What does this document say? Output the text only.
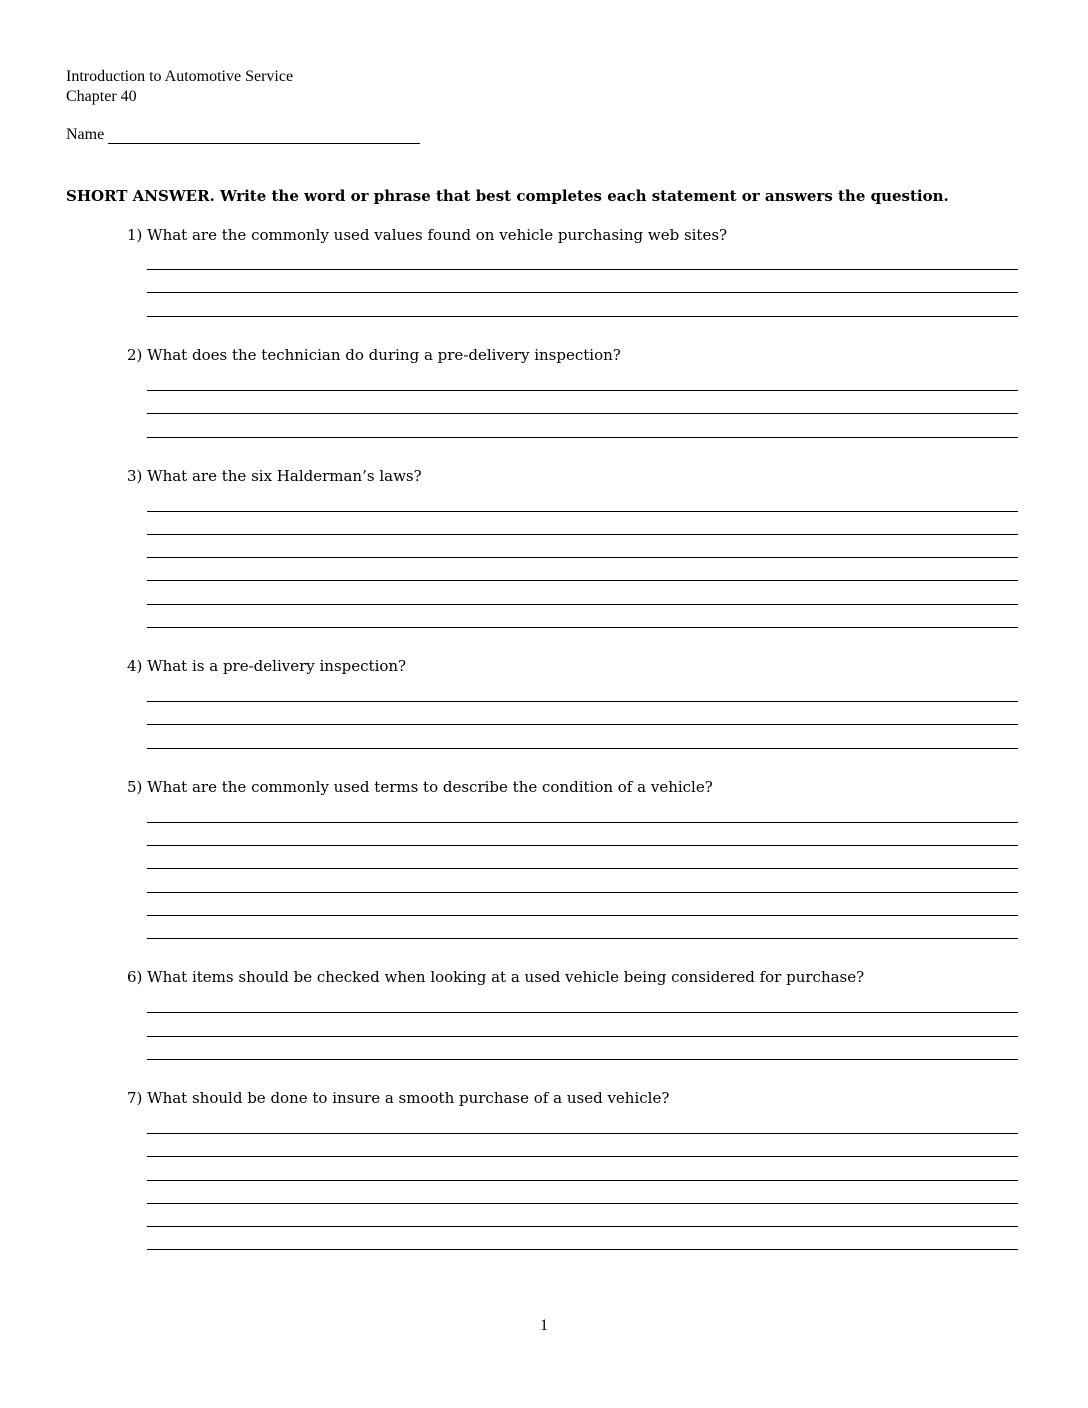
Introduction to Automotive Service
Chapter 40
Name
SHORT ANSWER. Write the word or phrase that best completes each statement or answers the question.
1) What are the commonly used values found on vehicle purchasing web sites?
2) What does the technician do during a pre-delivery inspection?
3) What are the six Halderman’s laws?
4) What is a pre-delivery inspection?
5) What are the commonly used terms to describe the condition of a vehicle?
6) What items should be checked when looking at a used vehicle being considered for purchase?
7) What should be done to insure a smooth purchase of a used vehicle?
1
